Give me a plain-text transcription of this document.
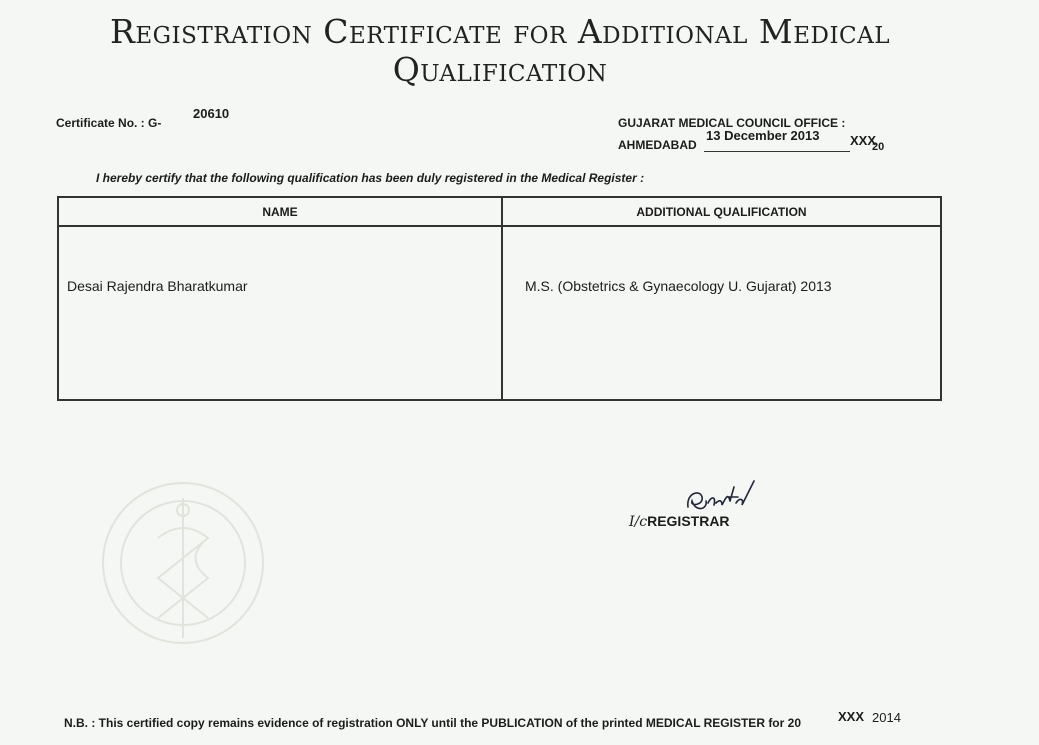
Registration Certificate for Additional Medical
Qualification
Certificate No. : G-
20610
GUJARAT MEDICAL COUNCIL OFFICE :
AHMEDABAD
13 December 2013 XXX
20
I hereby certify that the following qualification has been duly registered in the Medical Register :
NAME	ADDITIONAL QUALIFICATION
Desai Rajendra Bharatkumar	M.S. (Obstetrics & Gynaecology U. Gujarat) 2013
I/cREGISTRAR
N.B. : This certified copy remains evidence of registration ONLY until the PUBLICATION of the printed MEDICAL REGISTER for 20	XXX 2014
